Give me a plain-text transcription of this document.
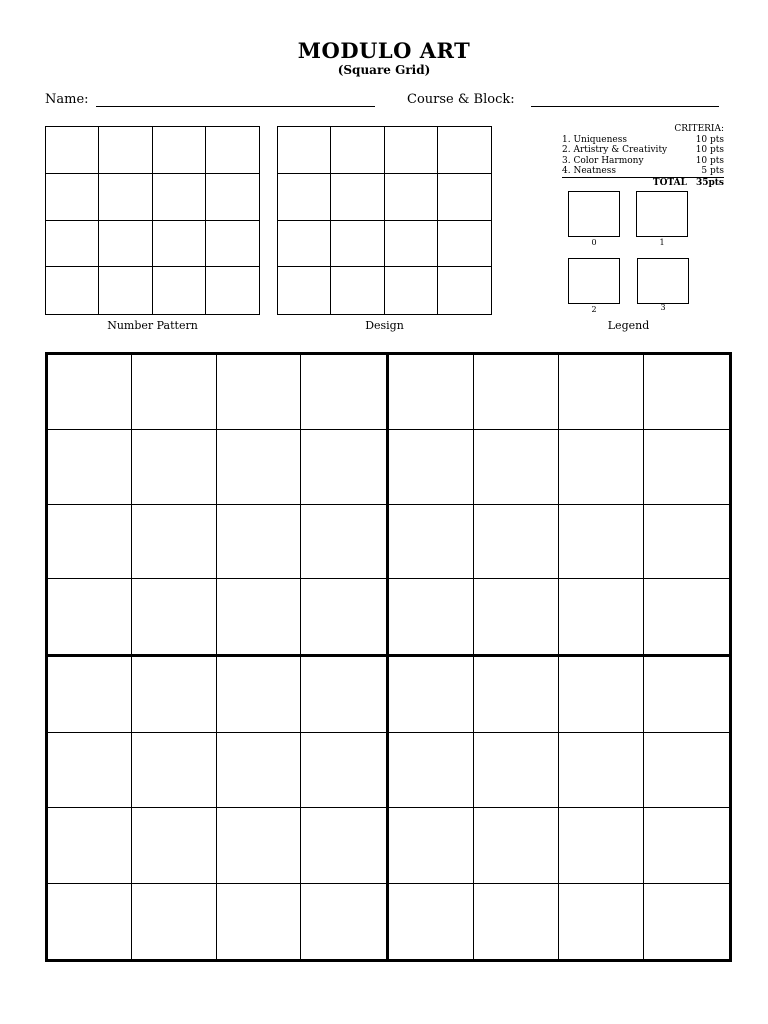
MODULO ART
(Square Grid)
Name:	Course & Block:
Number Pattern	Design
CRITERIA:
1. Uniqueness	10 pts
2. Artistry & Creativity	10 pts
3. Color Harmony	10 pts
4. Neatness	5 pts
TOTAL 35pts
0	1
2	3
Legend
